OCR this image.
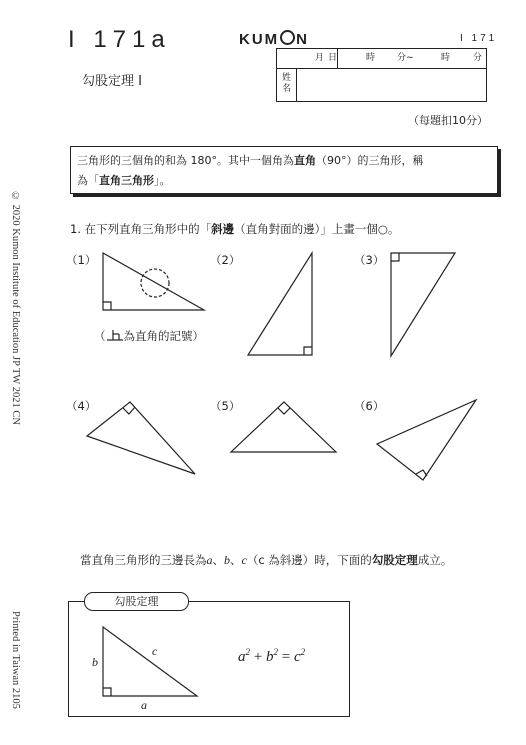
I 171a
勾股定理 I
KUM N	I 171
月 日	時 分~	時	分
姓
名
（每題扣10分）
三角形的三個角的和為 180°。其中一個角為直角（90°）的三角形，稱
為「直角三角形」。
1. 在下列直角三角形中的「斜邊（直角對面的邊）」上畫一個○。
（1）	（2）	（3）
（4）	（5）	（6）
（ 為直角的記號）
© 2020 Kumon Institute of Education JP TW 2021 CN
Printed in Taiwan 2105
當直角三角形的三邊長為a、b、c（c 為斜邊）時，下面的勾股定理成立。
勾股定理
b
c
a
$a^2 + b^2 = c^2$
